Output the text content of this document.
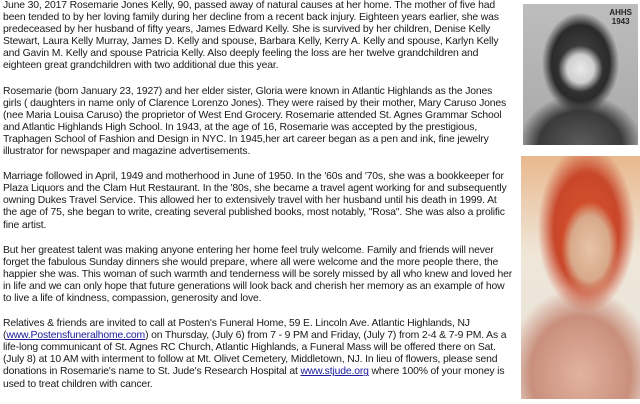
June 30, 2017 Rosemarie Jones Kelly, 90, passed away of natural causes at her home. The mother of five had been tended to by her loving family during her decline from a recent back injury. Eighteen years earlier, she was predeceased by her husband of fifty years, James Edward Kelly. She is survived by her children, Denise Kelly Stewart, Laura Kelly Murray, James D. Kelly and spouse, Barbara Kelly, Kerry A. Kelly and spouse, Karlyn Kelly and Gavin M. Kelly and spouse Patricia Kelly. Also deeply feeling the loss are her twelve grandchildren and eighteen great grandchildren with two additional due this year.

Rosemarie (born January 23, 1927) and her elder sister, Gloria were known in Atlantic Highlands as the Jones girls ( daughters in name only of Clarence Lorenzo Jones). They were raised by their mother, Mary Caruso Jones (nee Maria Louisa Caruso) the proprietor of West End Grocery. Rosemarie attended St. Agnes Grammar School and Atlantic Highlands High School. In 1943, at the age of 16, Rosemarie was accepted by the prestigious, Traphagen School of Fashion and Design in NYC. In 1945,her art career began as a pen and ink, fine jewelry illustrator for newspaper and magazine advertisements.

Marriage followed in April, 1949 and motherhood in June of 1950. In the '60s and '70s, she was a bookkeeper for Plaza Liquors and the Clam Hut Restaurant. In the '80s, she became a travel agent working for and subsequently owning Dukes Travel Service. This allowed her to extensively travel with her husband until his death in 1999. At the age of 75, she began to write, creating several published books, most notably, "Rosa". She was also a prolific fine artist.

But her greatest talent was making anyone entering her home feel truly welcome. Family and friends will never forget the fabulous Sunday dinners she would prepare, where all were welcome and the more people there, the happier she was. This woman of such warmth and tenderness will be sorely missed by all who knew and loved her in life and we can only hope that future generations will look back and cherish her memory as an example of how to live a life of kindness, compassion, generosity and love.

Relatives & friends are invited to call at Posten's Funeral Home, 59 E. Lincoln Ave. Atlantic Highlands, NJ (www.Postensfuneralhome.com) on Thursday, (July 6) from 7 - 9 PM and Friday, (July 7) from 2-4 & 7-9 PM. As a life-long communicant of St. Agnes RC Church, Atlantic Highlands, a Funeral Mass will be offered there on Sat. (July 8) at 10 AM with interment to follow at Mt. Olivet Cemetery, Middletown, NJ. In lieu of flowers, please send donations in Rosemarie's name to St. Jude's Research Hospital at www.stjude.org where 100% of your money is used to treat children with cancer.

AHHS
1943
